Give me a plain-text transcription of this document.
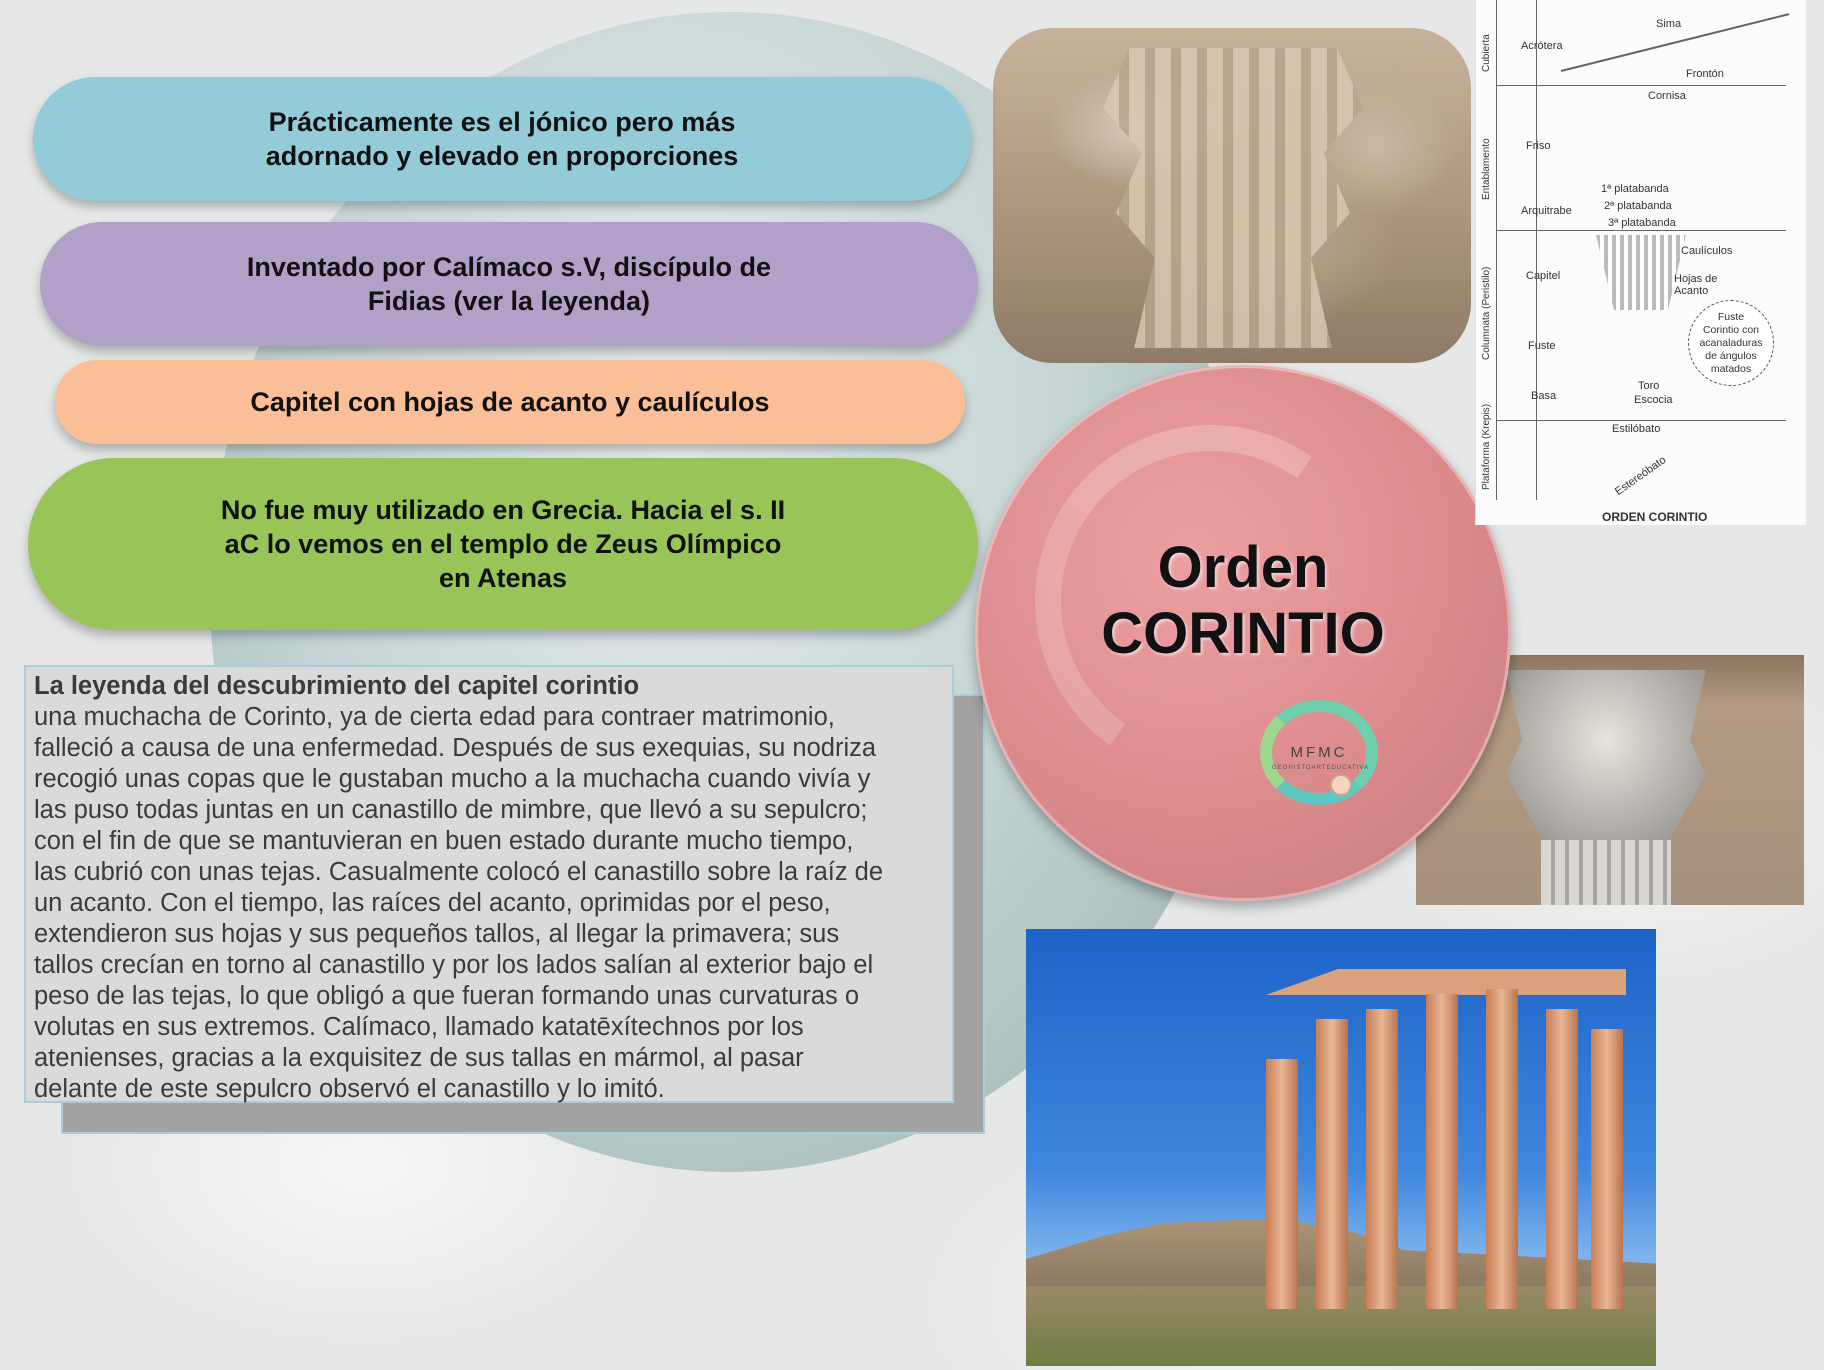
Prácticamente es el jónico pero más
adornado y elevado en proporciones
Inventado por Calímaco s.V, discípulo de
Fidias (ver la leyenda)
Capitel con hojas de acanto y caulículos
No fue muy utilizado en Grecia. Hacia el s. II
aC lo vemos en el templo de Zeus Olímpico
en Atenas
La leyenda del descubrimiento del capitel corintio
una muchacha de Corinto, ya de cierta edad para contraer matrimonio,
falleció a causa de una enfermedad. Después de sus exequias, su nodriza
recogió unas copas que le gustaban mucho a la muchacha cuando vivía y
las puso todas juntas en un canastillo de mimbre, que llevó a su sepulcro;
con el fin de que se mantuvieran en buen estado durante mucho tiempo,
las cubrió con unas tejas. Casualmente colocó el canastillo sobre la raíz de
un acanto. Con el tiempo, las raíces del acanto, oprimidas por el peso,
extendieron sus hojas y sus pequeños tallos, al llegar la primavera; sus
tallos crecían en torno al canastillo y por los lados salían al exterior bajo el
peso de las tejas, lo que obligó a que fueran formando unas curvaturas o
volutas en sus extremos. Calímaco, llamado katatēxítechnos por los
atenienses, gracias a la exquisitez de sus tallas en mármol, al pasar
delante de este sepulcro observó el canastillo y lo imitó.
Orden
CORINTIO
MFMC
GEOHISTOARTEDUCATIVA
Cubierta
Entablamento
Columnata (Peristilo)
Plataforma (Krepis)
Acrótera
Sima
Frontón
Cornisa
Friso
Arquitrabe
1ª platabanda
2ª platabanda
3ª platabanda
Caulículos
Hojas de Acanto
Capitel
Fuste
Basa
Toro
Escocia
Estilóbato
Estereóbato
Fuste
Corintio con
acanaladuras
de ángulos
matados
ORDEN CORINTIO
